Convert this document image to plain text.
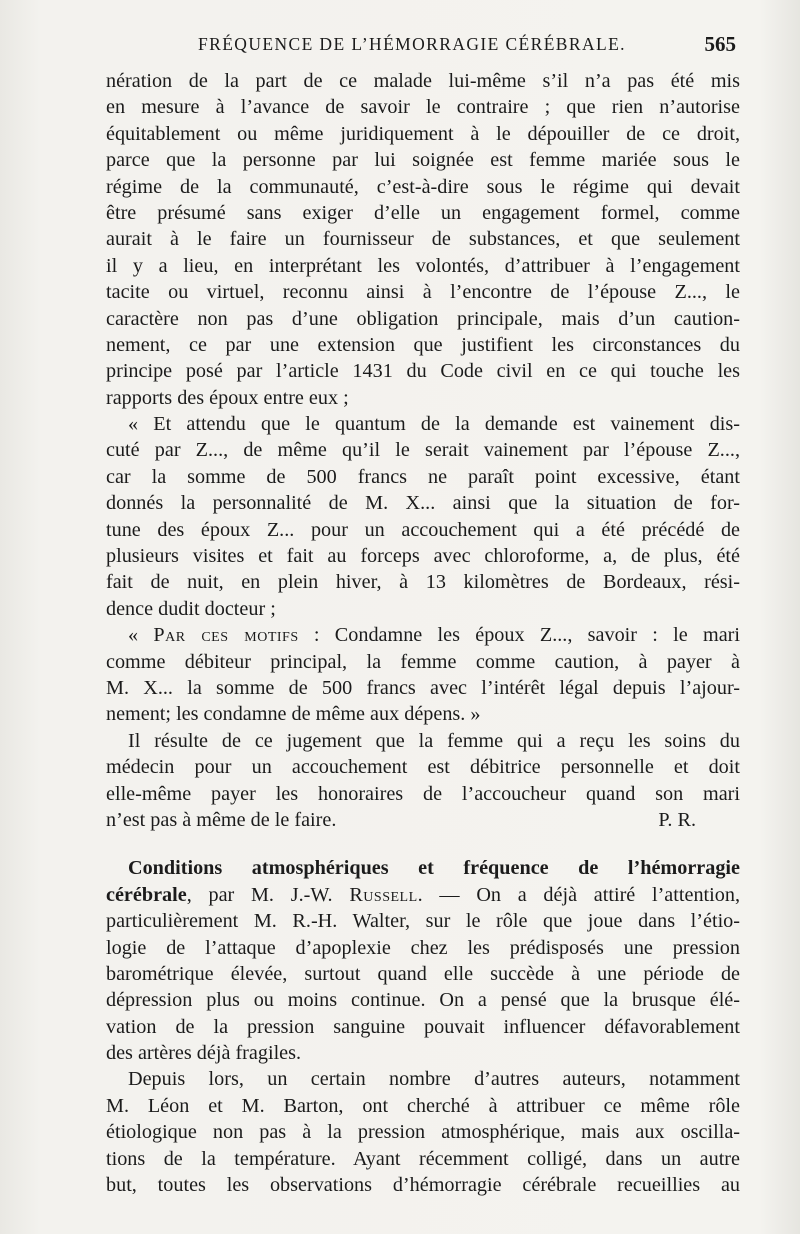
FRÉQUENCE DE L’HÉMORRAGIE CÉRÉBRALE.	565
nération de la part de ce malade lui-même s’il n’a pas été mis
en mesure à l’avance de savoir le contraire ; que rien n’autorise
équitablement ou même juridiquement à le dépouiller de ce droit,
parce que la personne par lui soignée est femme mariée sous le
régime de la communauté, c’est-à-dire sous le régime qui devait
être présumé sans exiger d’elle un engagement formel, comme
aurait à le faire un fournisseur de substances, et que seulement
il y a lieu, en interprétant les volontés, d’attribuer à l’engagement
tacite ou virtuel, reconnu ainsi à l’encontre de l’épouse Z..., le
caractère non pas d’une obligation principale, mais d’un caution-
nement, ce par une extension que justifient les circonstances du
principe posé par l’article 1431 du Code civil en ce qui touche les
rapports des époux entre eux ;
« Et attendu que le quantum de la demande est vainement dis-
cuté par Z..., de même qu’il le serait vainement par l’épouse Z...,
car la somme de 500 francs ne paraît point excessive, étant
donnés la personnalité de M. X... ainsi que la situation de for-
tune des époux Z... pour un accouchement qui a été précédé de
plusieurs visites et fait au forceps avec chloroforme, a, de plus, été
fait de nuit, en plein hiver, à 13 kilomètres de Bordeaux, rési-
dence dudit docteur ;
« Par ces motifs : Condamne les époux Z..., savoir : le mari
comme débiteur principal, la femme comme caution, à payer à
M. X... la somme de 500 francs avec l’intérêt légal depuis l’ajour-
nement; les condamne de même aux dépens. »
Il résulte de ce jugement que la femme qui a reçu les soins du
médecin pour un accouchement est débitrice personnelle et doit
elle-même payer les honoraires de l’accoucheur quand son mari
n’est pas à même de le faire.	P. R.
Conditions atmosphériques et fréquence de l’hémorragie
cérébrale, par M. J.-W. Russell. — On a déjà attiré l’attention,
particulièrement M. R.-H. Walter, sur le rôle que joue dans l’étio-
logie de l’attaque d’apoplexie chez les prédisposés une pression
barométrique élevée, surtout quand elle succède à une période de
dépression plus ou moins continue. On a pensé que la brusque élé-
vation de la pression sanguine pouvait influencer défavorablement
des artères déjà fragiles.
Depuis lors, un certain nombre d’autres auteurs, notamment
M. Léon et M. Barton, ont cherché à attribuer ce même rôle
étiologique non pas à la pression atmosphérique, mais aux oscilla-
tions de la température. Ayant récemment colligé, dans un autre
but, toutes les observations d’hémorragie cérébrale recueillies au
